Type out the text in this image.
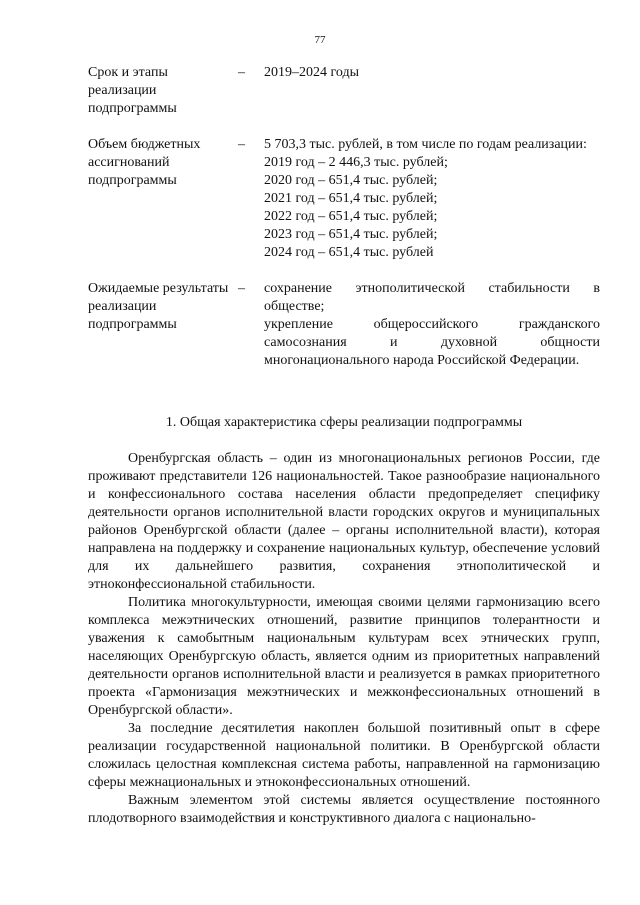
77
Срок и этапы реализации подпрограммы
–	2019–2024 годы
Объем бюджетных ассигнований подпрограммы
–	5 703,3 тыс. рублей, в том числе по годам реализации:
2019 год – 2 446,3 тыс. рублей;
2020 год – 651,4 тыс. рублей;
2021 год – 651,4 тыс. рублей;
2022 год – 651,4 тыс. рублей;
2023 год – 651,4 тыс. рублей;
2024 год – 651,4 тыс. рублей
Ожидаемые результаты реализации подпрограммы
–	сохранение этнополитической стабильности в обществе;
укрепление общероссийского гражданского самосознания и духовной общности многонационального народа Российской Федерации.
1. Общая характеристика сферы реализации подпрограммы

Оренбургская область – один из многонациональных регионов России, где проживают представители 126 национальностей. Такое разнообразие национального и конфессионального состава населения области предопределяет специфику деятельности органов исполнительной власти городских округов и муниципальных районов Оренбургской области (далее – органы исполнительной власти), которая направлена на поддержку и сохранение национальных культур, обеспечение условий для их дальнейшего развития, сохранения этнополитической и этноконфессиональной стабильности.

Политика многокультурности, имеющая своими целями гармонизацию всего комплекса межэтнических отношений, развитие принципов толерантности и уважения к самобытным национальным культурам всех этнических групп, населяющих Оренбургскую область, является одним из приоритетных направлений деятельности органов исполнительной власти и реализуется в рамках приоритетного проекта «Гармонизация межэтнических и межконфессиональных отношений в Оренбургской области».

За последние десятилетия накоплен большой позитивный опыт в сфере реализации государственной национальной политики. В Оренбургской области сложилась целостная комплексная система работы, направленной на гармонизацию сферы межнациональных и этноконфессиональных отношений.

Важным элементом этой системы является осуществление постоянного плодотворного взаимодействия и конструктивного диалога с национально-
